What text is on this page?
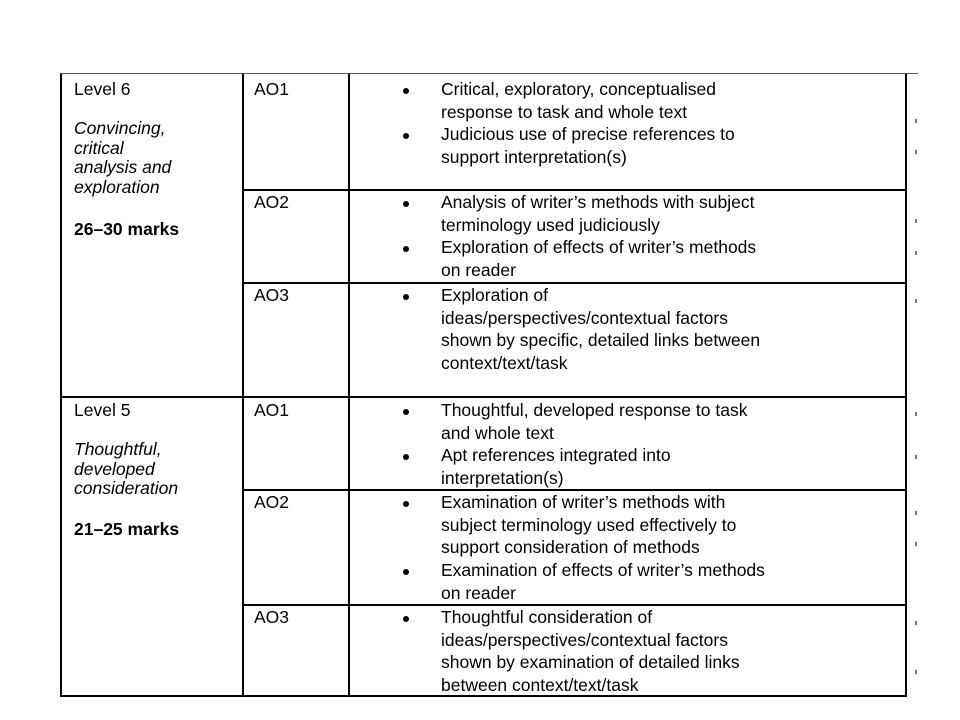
Level 6
Convincing,
critical
analysis and
exploration
26–30 marks
AO1
AO2
AO3
Critical, exploratory, conceptualised
response to task and whole text
Judicious use of precise references to
support interpretation(s)
Analysis of writer’s methods with subject
terminology used judiciously
Exploration of effects of writer’s methods
on reader
Exploration of
ideas/perspectives/contextual factors
shown by specific, detailed links between
context/text/task
Level 5
Thoughtful,
developed
consideration
21–25 marks
AO1
AO2
AO3
Thoughtful, developed response to task
and whole text
Apt references integrated into
interpretation(s)
Examination of writer’s methods with
subject terminology used effectively to
support consideration of methods
Examination of effects of writer’s methods
on reader
Thoughtful consideration of
ideas/perspectives/contextual factors
shown by examination of detailed links
between context/text/task
